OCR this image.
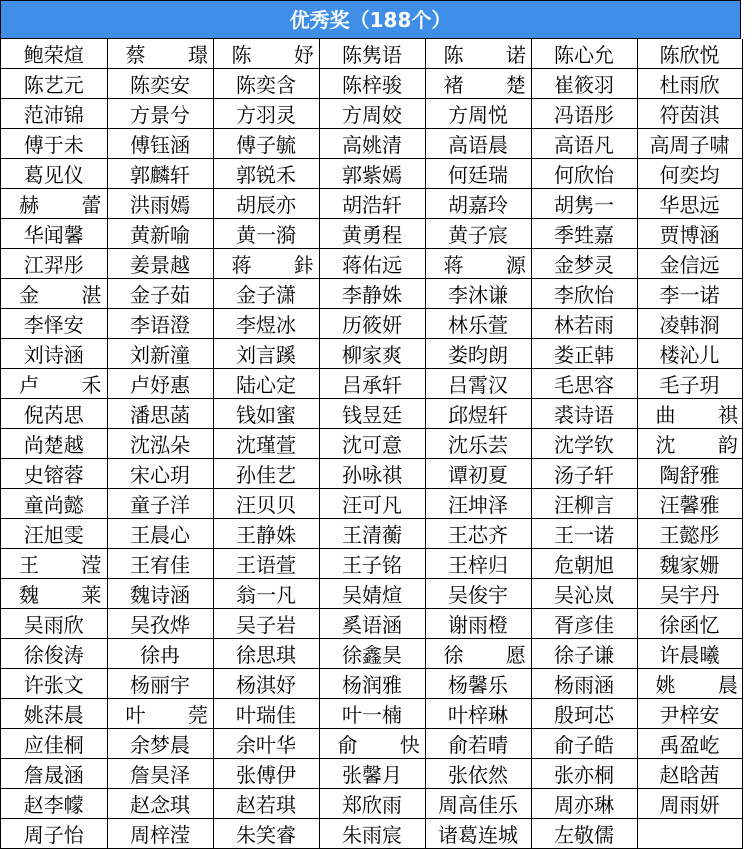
优秀奖（188个）
鲍荣煊	蔡 璟	陈 妤	陈隽语	陈 诺	陈心允	陈欣悦
陈艺元	陈奕安	陈奕含	陈梓骏	褚 楚	崔筱羽	杜雨欣
范沛锦	方景兮	方羽灵	方周姣	方周悦	冯语彤	符茵淇
傅于未	傅钰涵	傅子毓	高姚清	高语晨	高语凡	高周子啸
葛见仪	郭麟轩	郭锐禾	郭紫嫣	何廷瑞	何欣怡	何奕均
赫 蕾	洪雨嫣	胡辰亦	胡浩轩	胡嘉玲	胡隽一	华思远
华闻馨	黄新喻	黄一漪	黄勇程	黄子宸	季甡嘉	贾博涵
江羿彤	姜景越	蒋 鉲	蒋佑远	蒋 源	金梦灵	金信远
金 湛	金子茹	金子潇	李静姝	李沐谦	李欣怡	李一诺
李怿安	李语澄	李煜冰	历筱妍	林乐萱	林若雨	凌韩浻
刘诗涵	刘新潼	刘言蹊	柳家爽	娄昀朗	娄正韩	楼沁儿
卢 禾	卢妤惠	陆心定	吕承轩	吕霄汉	毛思容	毛子玥
倪芮思	潘思菡	钱如蜜	钱昱廷	邱煜轩	裘诗语	曲 祺
尚楚越	沈泓朵	沈瑾萱	沈可意	沈乐芸	沈学钦	沈 韵
史镕蓉	宋心玥	孙佳艺	孙咏祺	谭初夏	汤子轩	陶舒雅
童尚懿	童子洋	汪贝贝	汪可凡	汪坤泽	汪柳言	汪馨雅
汪旭雯	王晨心	王静姝	王清蘅	王芯齐	王一诺	王懿彤
王 滢	王宥佳	王语萱	王子铭	王梓归	危朝旭	魏家姗
魏 莱	魏诗涵	翁一凡	吴婧煊	吴俊宇	吴沁岚	吴宇丹
吴雨欣	吴孜烨	吴子岩	奚语涵	谢雨橙	胥彦佳	徐函忆
徐俊涛	徐冉	徐思琪	徐鑫昊	徐 愿	徐子谦	许晨曦
许张文	杨丽宇	杨淇妤	杨润雅	杨馨乐	杨雨涵	姚 晨
姚莯晨	叶 莞	叶瑞佳	叶一楠	叶梓琳	殷珂芯	尹梓安
应佳桐	余梦晨	余叶华	俞 快	俞若晴	俞子皓	禹盈屹
詹晟涵	詹昊泽	张傅伊	张馨月	张依然	张亦桐	赵晗茜
赵李幪	赵念琪	赵若琪	郑欣雨	周高佳乐	周亦琳	周雨妍
周子怡	周梓滢	朱笑睿	朱雨宸	诸葛连城	左敬儒	
